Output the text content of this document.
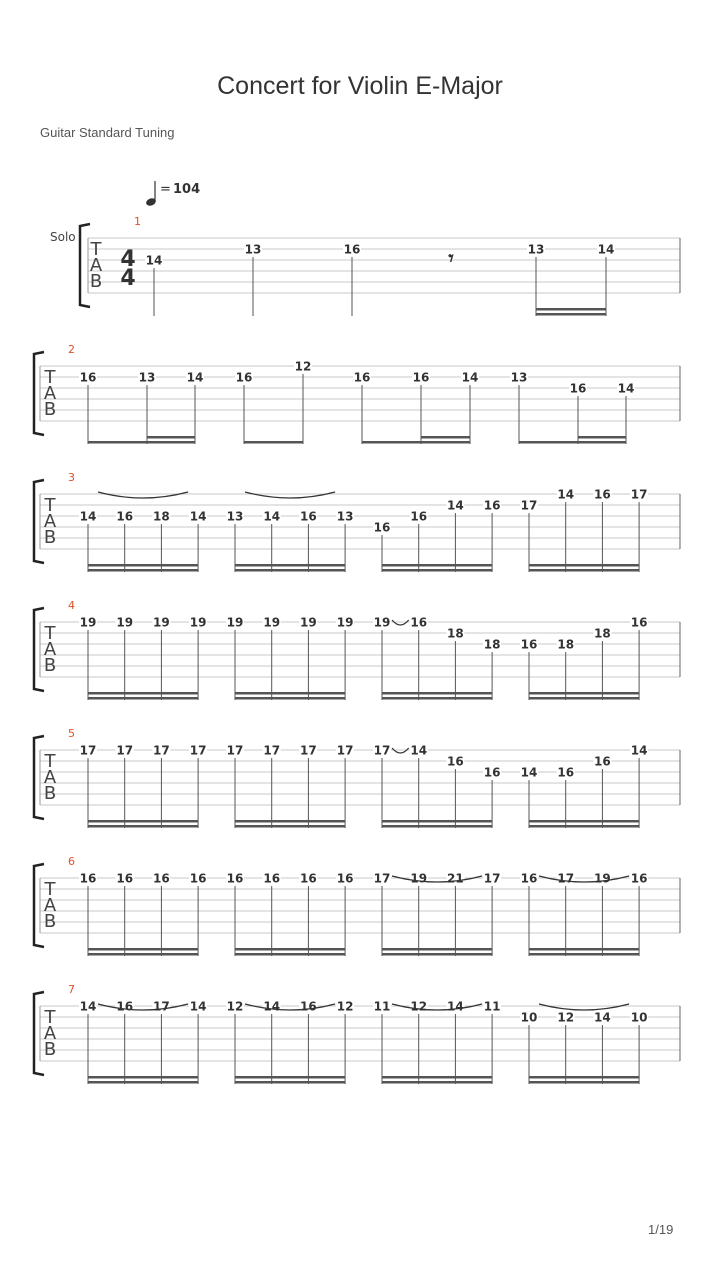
Concert for Violin E-Major
Guitar Standard Tuning
T
A
B
1
Solo
4
4
= 104
14
13	16	𝄾	13	14
T
A
B
2
16	13	14	16
12
16	16	14	13
16	14
T
A
B
3
14 16 18 14 13 14 16 13
16
16
14 16 17
14 16 17
T
A
B
4
19 19 19 19 19 19 19 19 19 16
18
18 16 18
18
16
T
A
B
5
17 17 17 17 17 17 17 17 17 14
16
16 14 16
16
14
T
A
B
6
16 16 16 16 16 16 16 16 17 19 21 17 16 17 19 16
T
A
B
7
14 16 17 14 12 14 16 12 11 12 14 11
10 12 14 10
1/19
